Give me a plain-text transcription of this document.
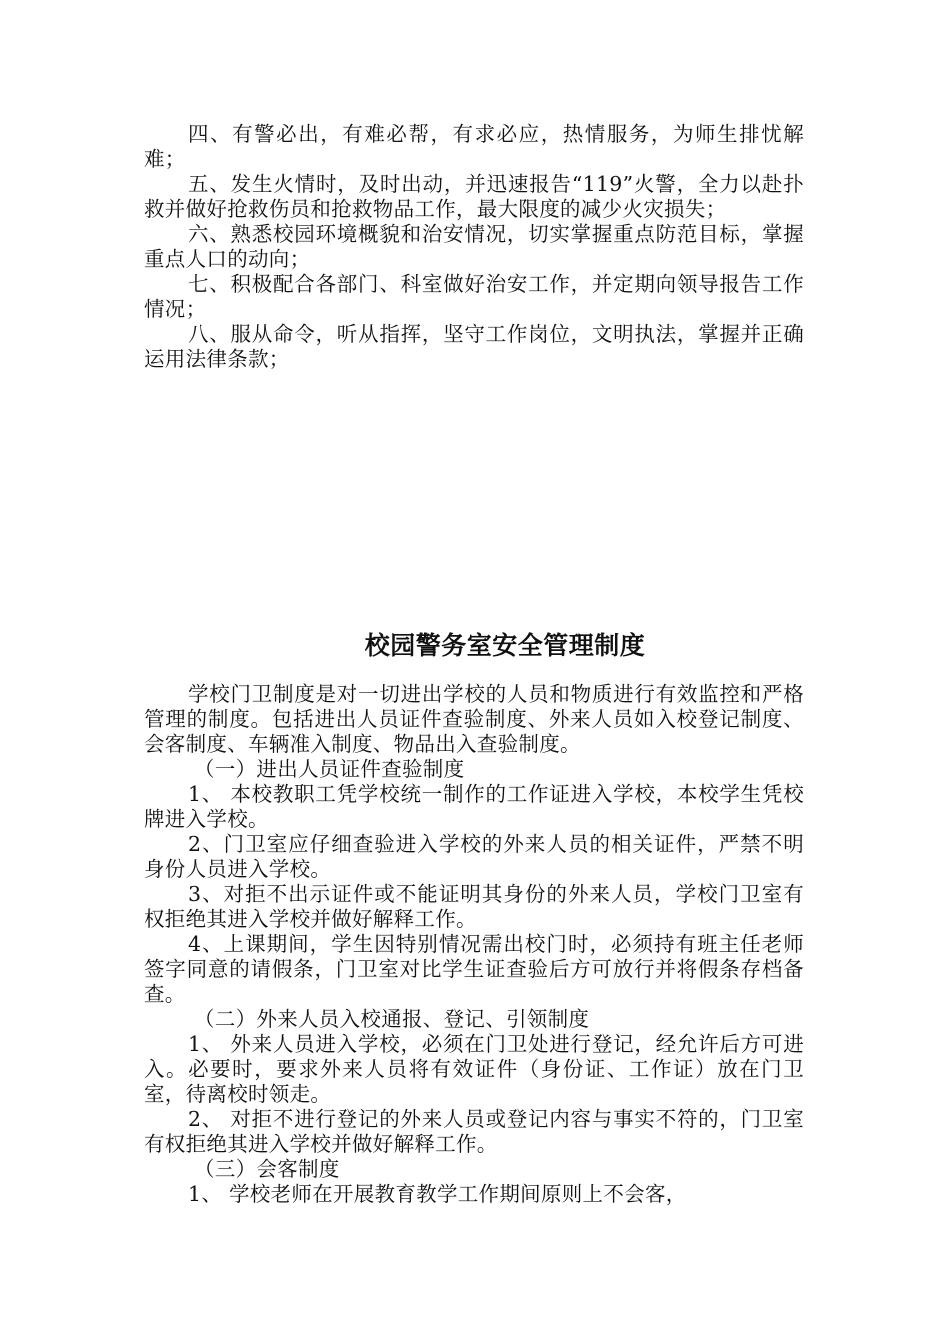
四、有警必出，有难必帮，有求必应，热情服务，为师生排忧解难；

五、发生火情时，及时出动，并迅速报告“119”火警，全力以赴扑救并做好抢救伤员和抢救物品工作，最大限度的减少火灾损失；

六、熟悉校园环境概貌和治安情况，切实掌握重点防范目标，掌握重点人口的动向；

七、积极配合各部门、科室做好治安工作，并定期向领导报告工作情况；

八、服从命令，听从指挥，坚守工作岗位，文明执法，掌握并正确运用法律条款；

校园警务室安全管理制度

学校门卫制度是对一切进出学校的人员和物质进行有效监控和严格管理的制度。包括进出人员证件查验制度、外来人员如入校登记制度、会客制度、车辆准入制度、物品出入查验制度。

（一）进出人员证件查验制度

1、 本校教职工凭学校统一制作的工作证进入学校，本校学生凭校牌进入学校。

2、门卫室应仔细查验进入学校的外来人员的相关证件，严禁不明身份人员进入学校。

3、对拒不出示证件或不能证明其身份的外来人员，学校门卫室有权拒绝其进入学校并做好解释工作。

4、上课期间，学生因特别情况需出校门时，必须持有班主任老师签字同意的请假条，门卫室对比学生证查验后方可放行并将假条存档备查。

（二）外来人员入校通报、登记、引领制度

1、 外来人员进入学校，必须在门卫处进行登记，经允许后方可进入。必要时，要求外来人员将有效证件（身份证、工作证）放在门卫室，待离校时领走。

2、 对拒不进行登记的外来人员或登记内容与事实不符的，门卫室有权拒绝其进入学校并做好解释工作。

（三）会客制度

1、 学校老师在开展教育教学工作期间原则上不会客，
